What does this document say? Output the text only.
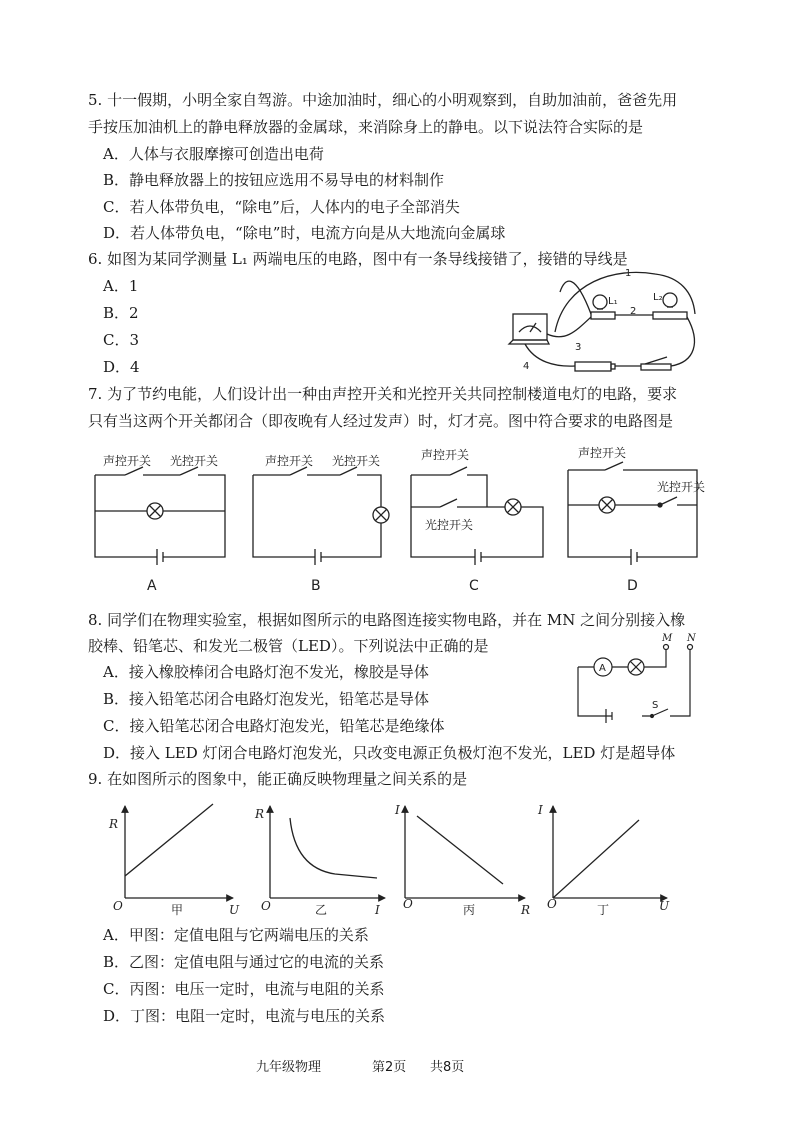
5. 十一假期，小明全家自驾游。中途加油时，细心的小明观察到，自助加油前，爸爸先用
手按压加油机上的静电释放器的金属球，来消除身上的静电。以下说法符合实际的是
A．人体与衣服摩擦可创造出电荷
B．静电释放器上的按钮应选用不易导电的材料制作
C．若人体带负电，“除电”后，人体内的电子全部消失
D．若人体带负电，“除电”时，电流方向是从大地流向金属球
6. 如图为某同学测量 L₁ 两端电压的电路，图中有一条导线接错了，接错的导线是
A．1
B．2
C．3
D．4
1
2
3
4
L₁	L₂
7. 为了节约电能，人们设计出一种由声控开关和光控开关共同控制楼道电灯的电路，要求
只有当这两个开关都闭合（即夜晚有人经过发声）时，灯才亮。图中符合要求的电路图是
声控开关 光控开关	声控开关 光控开关	声控开关
光控开关
声控开关
光控开关
A	B	C	D
8. 同学们在物理实验室，根据如图所示的电路图连接实物电路，并在 MN 之间分别接入橡
胶棒、铅笔芯、和发光二极管（LED）。下列说法中正确的是
A．接入橡胶棒闭合电路灯泡不发光，橡胶是导体
B．接入铅笔芯闭合电路灯泡发光，铅笔芯是导体
C．接入铅笔芯闭合电路灯泡发光，铅笔芯是绝缘体
D．接入 LED 灯闭合电路灯泡发光，只改变电源正负极灯泡不发光，LED 灯是超导体
A
M N
S
9. 在如图所示的图象中，能正确反映物理量之间关系的是
R
U
O	甲
R
I
O	乙
I
R
O	丙
I
U
O	丁
A．甲图：定值电阻与它两端电压的关系
B．乙图：定值电阻与通过它的电流的关系
C．丙图：电压一定时，电流与电阻的关系
D．丁图：电阻一定时，电流与电压的关系
九年级物理	第2页 共8页
